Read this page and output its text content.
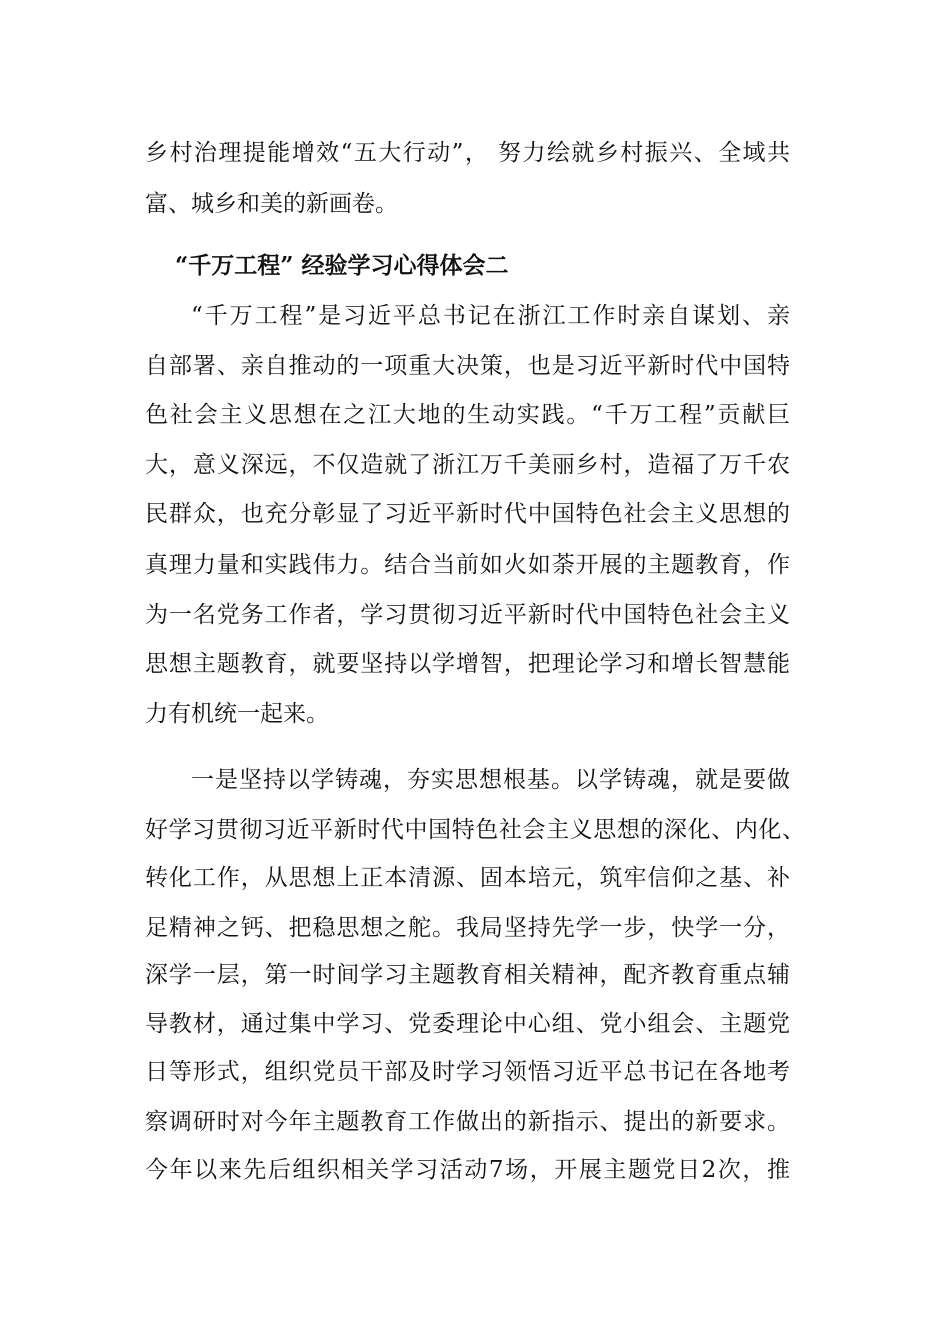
乡村治理提能增效“五大行动”， 努力绘就乡村振兴、全域共
富、城乡和美的新画卷。
“千万工程” 经验学习心得体会二
“千万工程”是习近平总书记在浙江工作时亲自谋划、亲
自部署、亲自推动的一项重大决策，也是习近平新时代中国特
色社会主义思想在之江大地的生动实践。“千万工程”贡献巨
大，意义深远，不仅造就了浙江万千美丽乡村，造福了万千农
民群众，也充分彰显了习近平新时代中国特色社会主义思想的
真理力量和实践伟力。结合当前如火如荼开展的主题教育，作
为一名党务工作者，学习贯彻习近平新时代中国特色社会主义
思想主题教育，就要坚持以学增智，把理论学习和增长智慧能
力有机统一起来。
一是坚持以学铸魂，夯实思想根基。以学铸魂，就是要做
好学习贯彻习近平新时代中国特色社会主义思想的深化、内化、
转化工作，从思想上正本清源、固本培元，筑牢信仰之基、补
足精神之钙、把稳思想之舵。我局坚持先学一步，快学一分，
深学一层，第一时间学习主题教育相关精神，配齐教育重点辅
导教材，通过集中学习、党委理论中心组、党小组会、主题党
日等形式，组织党员干部及时学习领悟习近平总书记在各地考
察调研时对今年主题教育工作做出的新指示、提出的新要求。
今年以来先后组织相关学习活动7场，开展主题党日2次，推
